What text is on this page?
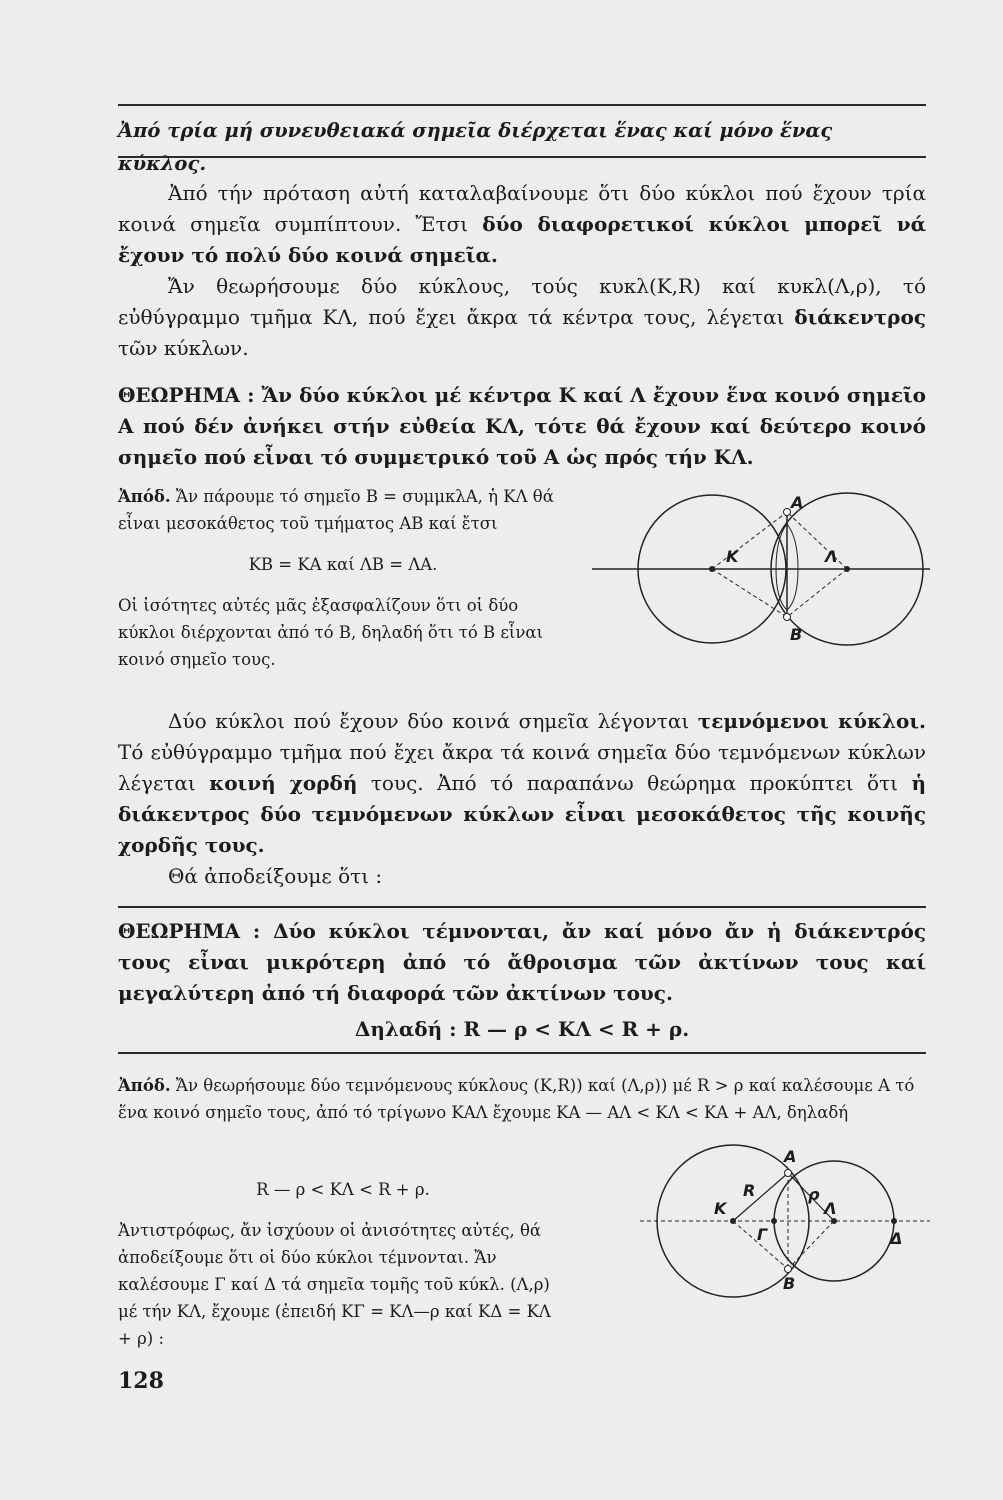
Ἀπό τρία μή συνευθειακά σημεῖα διέρχεται ἕνας καί μόνο ἕνας κύκλος.

Ἀπό τήν πρόταση αὐτή καταλαβαίνουμε ὅτι δύο κύκλοι πού ἔχουν τρία κοινά σημεῖα συμπίπτουν. Ἔτσι δύο διαφορετικοί κύκλοι μπορεῖ νά ἔχουν τό πολύ δύο κοινά σημεῖα.

Ἄν θεωρήσουμε δύο κύκλους, τούς κυκλ(K,R) καί κυκλ(Λ,ρ), τό εὐθύγραμμο τμῆμα ΚΛ, πού ἔχει ἄκρα τά κέντρα τους, λέγεται διάκεντρος τῶν κύκλων.

ΘΕΩΡΗΜΑ : Ἄν δύο κύκλοι μέ κέντρα Κ καί Λ ἔχουν ἕνα κοινό σημεῖο Α πού δέν ἀνήκει στήν εὐθεία ΚΛ, τότε θά ἔχουν καί δεύτερο κοινό σημεῖο πού εἶναι τό συμμετρικό τοῦ Α ὡς πρός τήν ΚΛ.

Ἀπόδ. Ἄν πάρουμε τό σημεῖο Β = συμμκλΑ, ἡ ΚΛ θά εἶναι μεσοκάθετος τοῦ τμήματος ΑΒ καί ἔτσι

ΚΒ = ΚΑ καί ΛΒ = ΛΑ.

Οἱ ἰσότητες αὐτές μᾶς ἐξασφαλίζουν ὅτι οἱ δύο κύκλοι διέρχονται ἀπό τό Β, δηλαδή ὅτι τό Β εἶναι κοινό σημεῖο τους.

A
K	Λ
B

Δύο κύκλοι πού ἔχουν δύο κοινά σημεῖα λέγονται τεμνόμενοι κύκλοι. Τό εὐθύγραμμο τμῆμα πού ἔχει ἄκρα τά κοινά σημεῖα δύο τεμνόμενων κύκλων λέγεται κοινή χορδή τους. Ἀπό τό παραπάνω θεώρημα προκύπτει ὅτι ἡ διάκεντρος δύο τεμνόμενων κύκλων εἶναι μεσοκάθετος τῆς κοινῆς χορδῆς τους.

Θά ἀποδείξουμε ὅτι :

ΘΕΩΡΗΜΑ : Δύο κύκλοι τέμνονται, ἄν καί μόνο ἄν ἡ διάκεντρός τους εἶναι μικρότερη ἀπό τό ἄθροισμα τῶν ἀκτίνων τους καί μεγαλύτερη ἀπό τή διαφορά τῶν ἀκτίνων τους.
Δηλαδή : R — ρ < ΚΛ < R + ρ.

Ἀπόδ. Ἄν θεωρήσουμε δύο τεμνόμενους κύκλους (K,R)) καί (Λ,ρ)) μέ R > ρ καί καλέσουμε Α τό ἕνα κοινό σημεῖο τους, ἀπό τό τρίγωνο ΚΑΛ ἔχουμε ΚΑ — ΑΛ < ΚΛ < ΚΑ + ΑΛ, δηλαδή

R — ρ < ΚΛ < R + ρ.

Ἀντιστρόφως, ἄν ἰσχύουν οἱ ἀνισότητες αὐτές, θά ἀποδείξουμε ὅτι οἱ δύο κύκλοι τέμνονται. Ἄν καλέσουμε Γ καί Δ τά σημεῖα τομῆς τοῦ κύκλ. (Λ,ρ) μέ τήν ΚΛ, ἔχουμε (ἐπειδή ΚΓ = ΚΛ—ρ καί ΚΔ = ΚΛ + ρ) :

A
K	Λ
B
R	ρ
Γ	Δ
128
